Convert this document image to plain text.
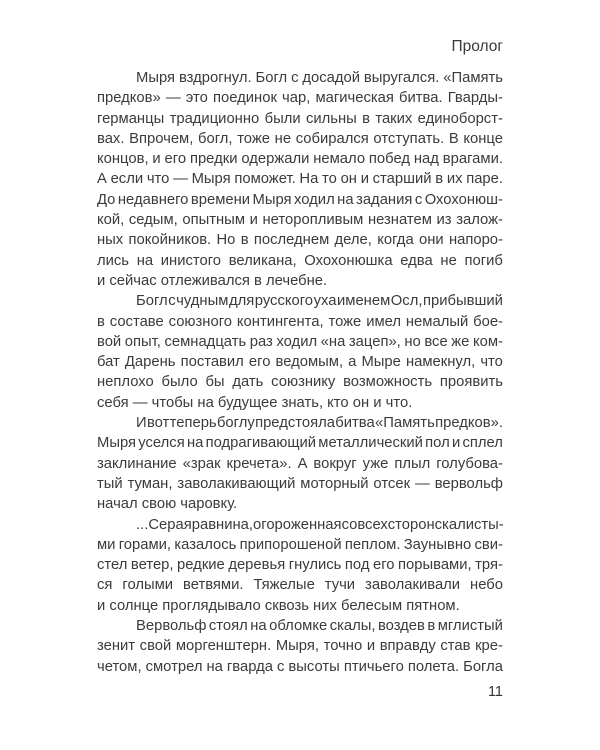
Пролог
Мыря вздрогнул. Богл с досадой выругался. «Память
предков» — это поединок чар, магическая битва. Гварды-
германцы традиционно были сильны в таких единоборст-
вах. Впрочем, богл, тоже не собирался отступать. В конце
концов, и его предки одержали немало побед над врагами.
А если что — Мыря поможет. На то он и старший в их паре.
До недавнего времени Мыря ходил на задания с Охохонюш-
кой, седым, опытным и неторопливым незнатем из залож-
ных покойников. Но в последнем деле, когда они напоро-
лись на инистого великана, Охохонюшка едва не погиб
и сейчас отлеживался в лечебне.
Богл с чудным для русского уха именем Осл, прибывший
в составе союзного контингента, тоже имел немалый бое-
вой опыт, семнадцать раз ходил «на зацеп», но все же ком-
бат Дарень поставил его ведомым, а Мыре намекнул, что
неплохо было бы дать союзнику возможность проявить
себя — чтобы на будущее знать, кто он и что.
И вот теперь боглу предстояла битва «Память предков».
Мыря уселся на подрагивающий металлический пол и сплел
заклинание «зрак кречета». А вокруг уже плыл голубова-
тый туман, заволакивающий моторный отсек — вервольф
начал свою чаровку.
...Серая равнина, огороженная со всех сторон скалисты-
ми горами, казалось припорошеной пеплом. Заунывно сви-
стел ветер, редкие деревья гнулись под его порывами, тря-
ся голыми ветвями. Тяжелые тучи заволакивали небо
и солнце проглядывало сквозь них белесым пятном.
Вервольф стоял на обломке скалы, воздев в мглистый
зенит свой моргенштерн. Мыря, точно и вправду став кре-
четом, смотрел на гварда с высоты птичьего полета. Богла
11
